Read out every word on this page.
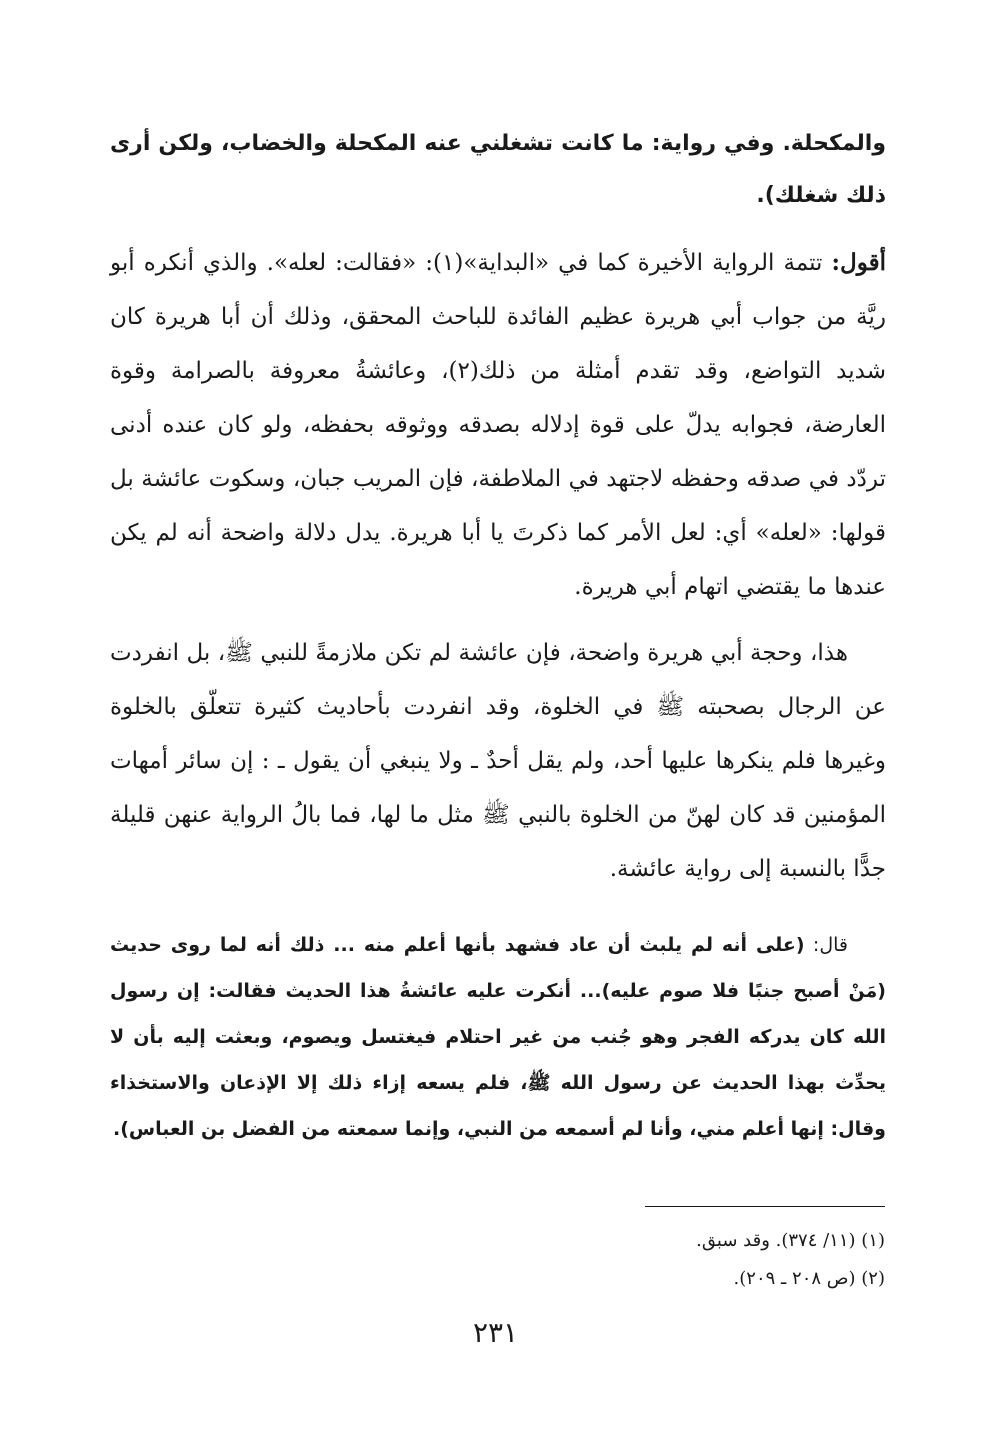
والمكحلة. وفي رواية: ما كانت تشغلني عنه المكحلة والخضاب، ولكن أرى ذلك شغلك).

أقول: تتمة الرواية الأخيرة كما في «البداية»(١): «فقالت: لعله». والذي أنكره أبو ريَّة من جواب أبي هريرة عظيم الفائدة للباحث المحقق، وذلك أن أبا هريرة كان شديد التواضع، وقد تقدم أمثلة من ذلك(٢)، وعائشةُ معروفة بالصرامة وقوة العارضة، فجوابه يدلّ على قوة إدلاله بصدقه ووثوقه بحفظه، ولو كان عنده أدنى تردّد في صدقه وحفظه لاجتهد في الملاطفة، فإن المريب جبان، وسكوت عائشة بل قولها: «لعله» أي: لعل الأمر كما ذكرتَ يا أبا هريرة. يدل دلالة واضحة أنه لم يكن عندها ما يقتضي اتهام أبي هريرة.

هذا، وحجة أبي هريرة واضحة، فإن عائشة لم تكن ملازمةً للنبي ﷺ، بل انفردت عن الرجال بصحبته ﷺ في الخلوة، وقد انفردت بأحاديث كثيرة تتعلّق بالخلوة وغيرها فلم ينكرها عليها أحد، ولم يقل أحدٌ ـ ولا ينبغي أن يقول ـ : إن سائر أمهات المؤمنين قد كان لهنّ من الخلوة بالنبي ﷺ مثل ما لها، فما بالُ الرواية عنهن قليلة جدًّا بالنسبة إلى رواية عائشة.

قال: (على أنه لم يلبث أن عاد فشهد بأنها أعلم منه ... ذلك أنه لما روى حديث (مَنْ أصبح جنبًا فلا صوم عليه)... أنكرت عليه عائشةُ هذا الحديث فقالت: إن رسول الله كان يدركه الفجر وهو جُنب من غير احتلام فيغتسل ويصوم، وبعثت إليه بأن لا يحدِّث بهذا الحديث عن رسول الله ﷺ، فلم يسعه إزاء ذلك إلا الإذعان والاستخذاء وقال: إنها أعلم مني، وأنا لم أسمعه من النبي، وإنما سمعته من الفضل بن العباس).

(١) (١١/ ٣٧٤). وقد سبق.

(٢) (ص ٢٠٨ ـ ٢٠٩).

٢٣١
